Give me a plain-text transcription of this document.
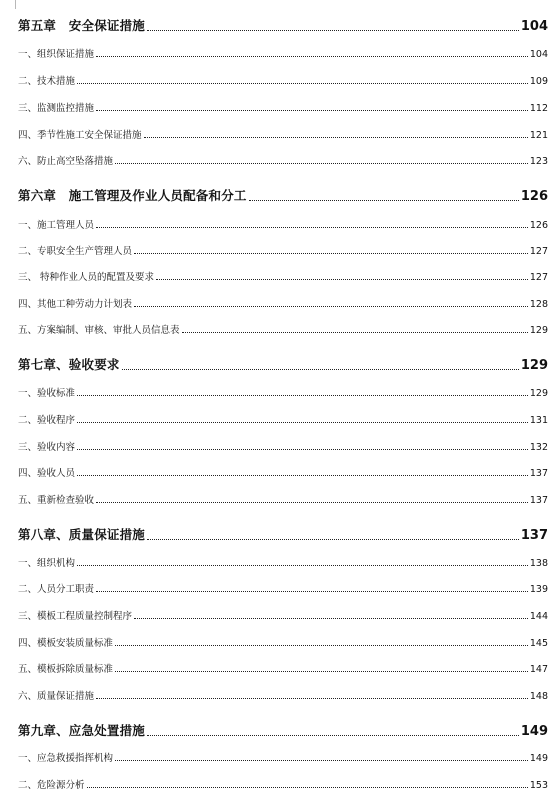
第五章　安全保证措施	104
一、组织保证措施	104
二、技术措施	109
三、监测监控措施	112
四、季节性施工安全保证措施	121
六、防止高空坠落措施	123
第六章　施工管理及作业人员配备和分工	126
一、施工管理人员	126
二、专职安全生产管理人员	127
三、 特种作业人员的配置及要求	127
四、其他工种劳动力计划表	128
五、方案编制、审核、审批人员信息表	129
第七章、验收要求	129
一、验收标准	129
二、验收程序	131
三、验收内容	132
四、验收人员	137
五、重新检查验收	137
第八章、质量保证措施	137
一、组织机构	138
二、人员分工职责	139
三、模板工程质量控制程序	144
四、模板安装质量标准	145
五、模板拆除质量标准	147
六、质量保证措施	148
第九章、应急处置措施	149
一、应急救援指挥机构	149
二、危险源分析	153
